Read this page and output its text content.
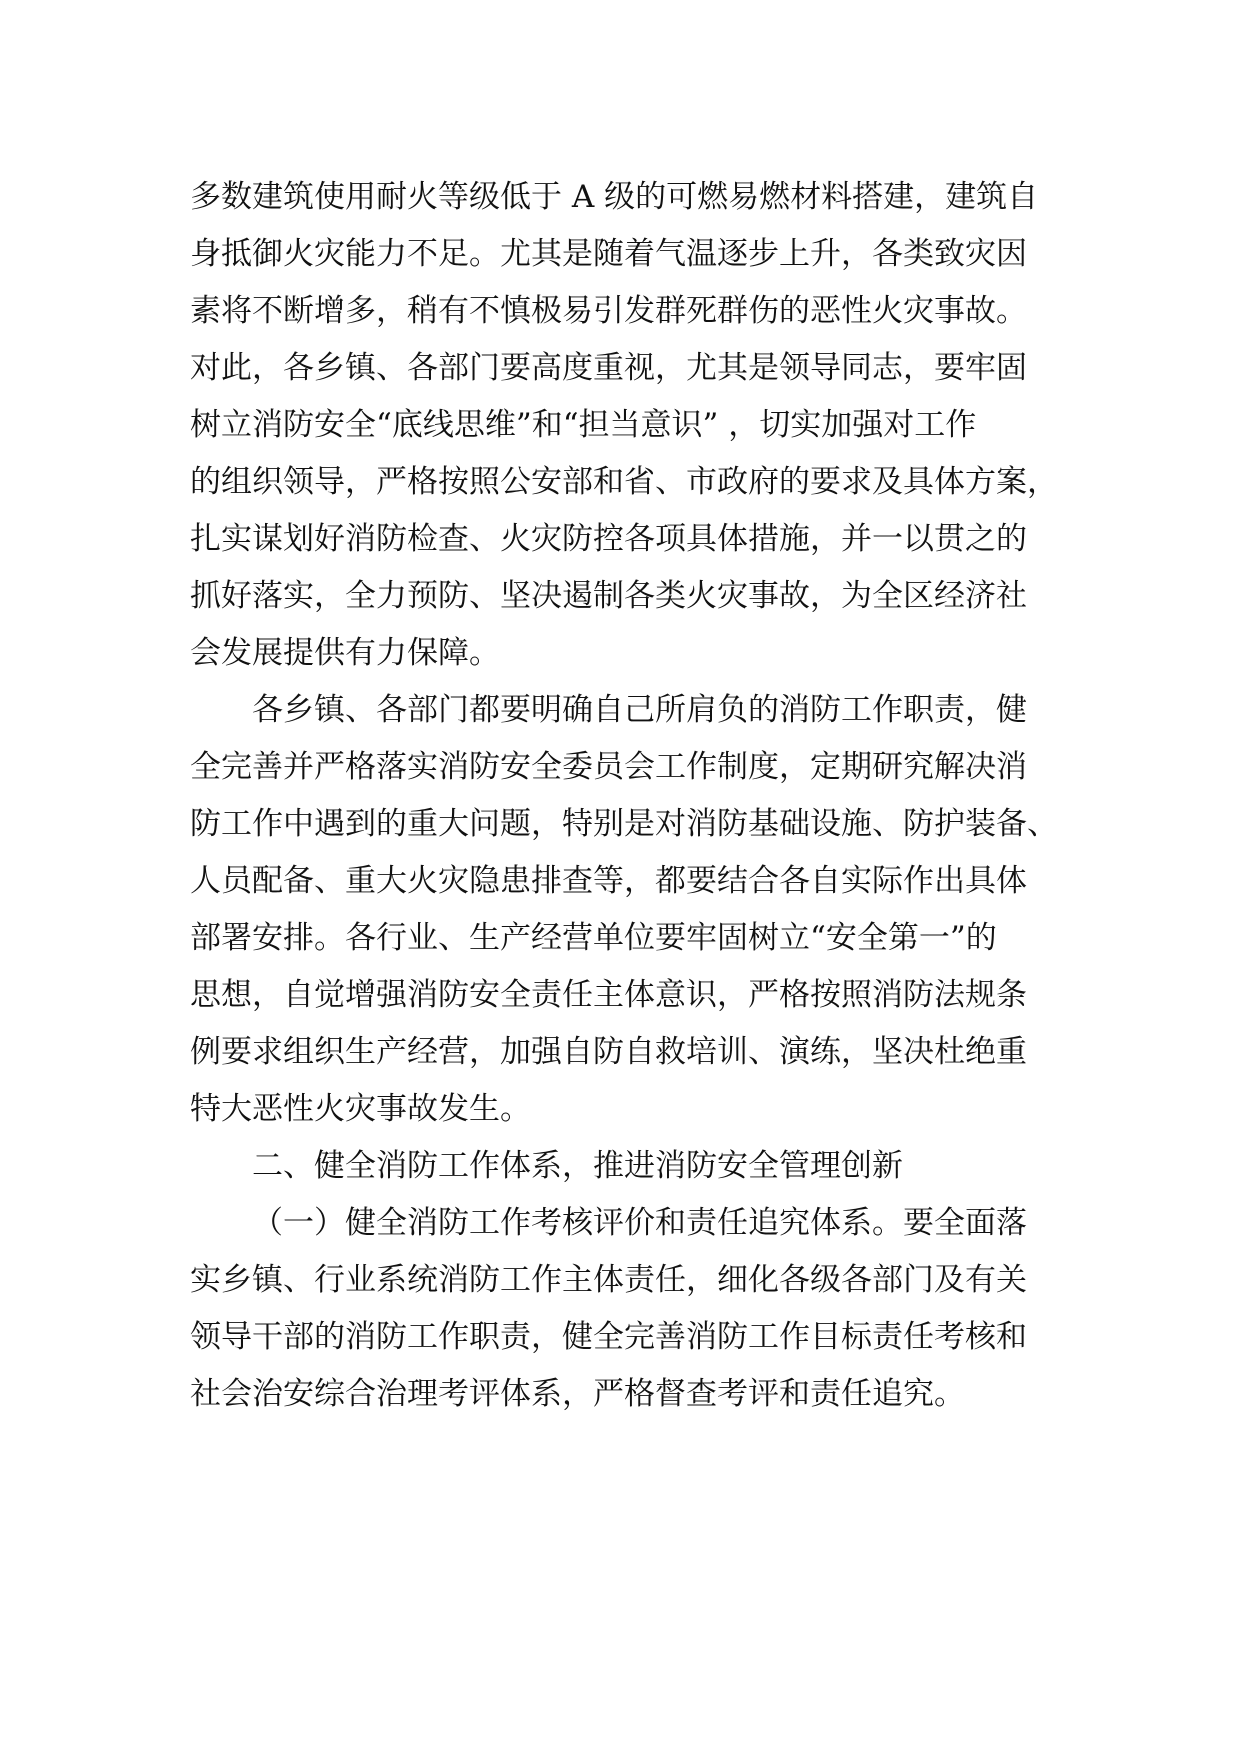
多数建筑使用耐火等级低于 A 级的可燃易燃材料搭建，建筑自
身抵御火灾能力不足。尤其是随着气温逐步上升，各类致灾因
素将不断增多，稍有不慎极易引发群死群伤的恶性火灾事故。
对此，各乡镇、各部门要高度重视，尤其是领导同志，要牢固
树立消防安全“底线思维”和“担当意识” ，切实加强对工作
的组织领导，严格按照公安部和省、市政府的要求及具体方案，
扎实谋划好消防检查、火灾防控各项具体措施，并一以贯之的
抓好落实，全力预防、坚决遏制各类火灾事故，为全区经济社
会发展提供有力保障。
各乡镇、各部门都要明确自己所肩负的消防工作职责，健
全完善并严格落实消防安全委员会工作制度，定期研究解决消
防工作中遇到的重大问题，特别是对消防基础设施、防护装备、
人员配备、重大火灾隐患排查等，都要结合各自实际作出具体
部署安排。各行业、生产经营单位要牢固树立“安全第一”的
思想，自觉增强消防安全责任主体意识，严格按照消防法规条
例要求组织生产经营，加强自防自救培训、演练，坚决杜绝重
特大恶性火灾事故发生。
二、健全消防工作体系，推进消防安全管理创新
（一）健全消防工作考核评价和责任追究体系。要全面落
实乡镇、行业系统消防工作主体责任，细化各级各部门及有关
领导干部的消防工作职责，健全完善消防工作目标责任考核和
社会治安综合治理考评体系，严格督查考评和责任追究。
